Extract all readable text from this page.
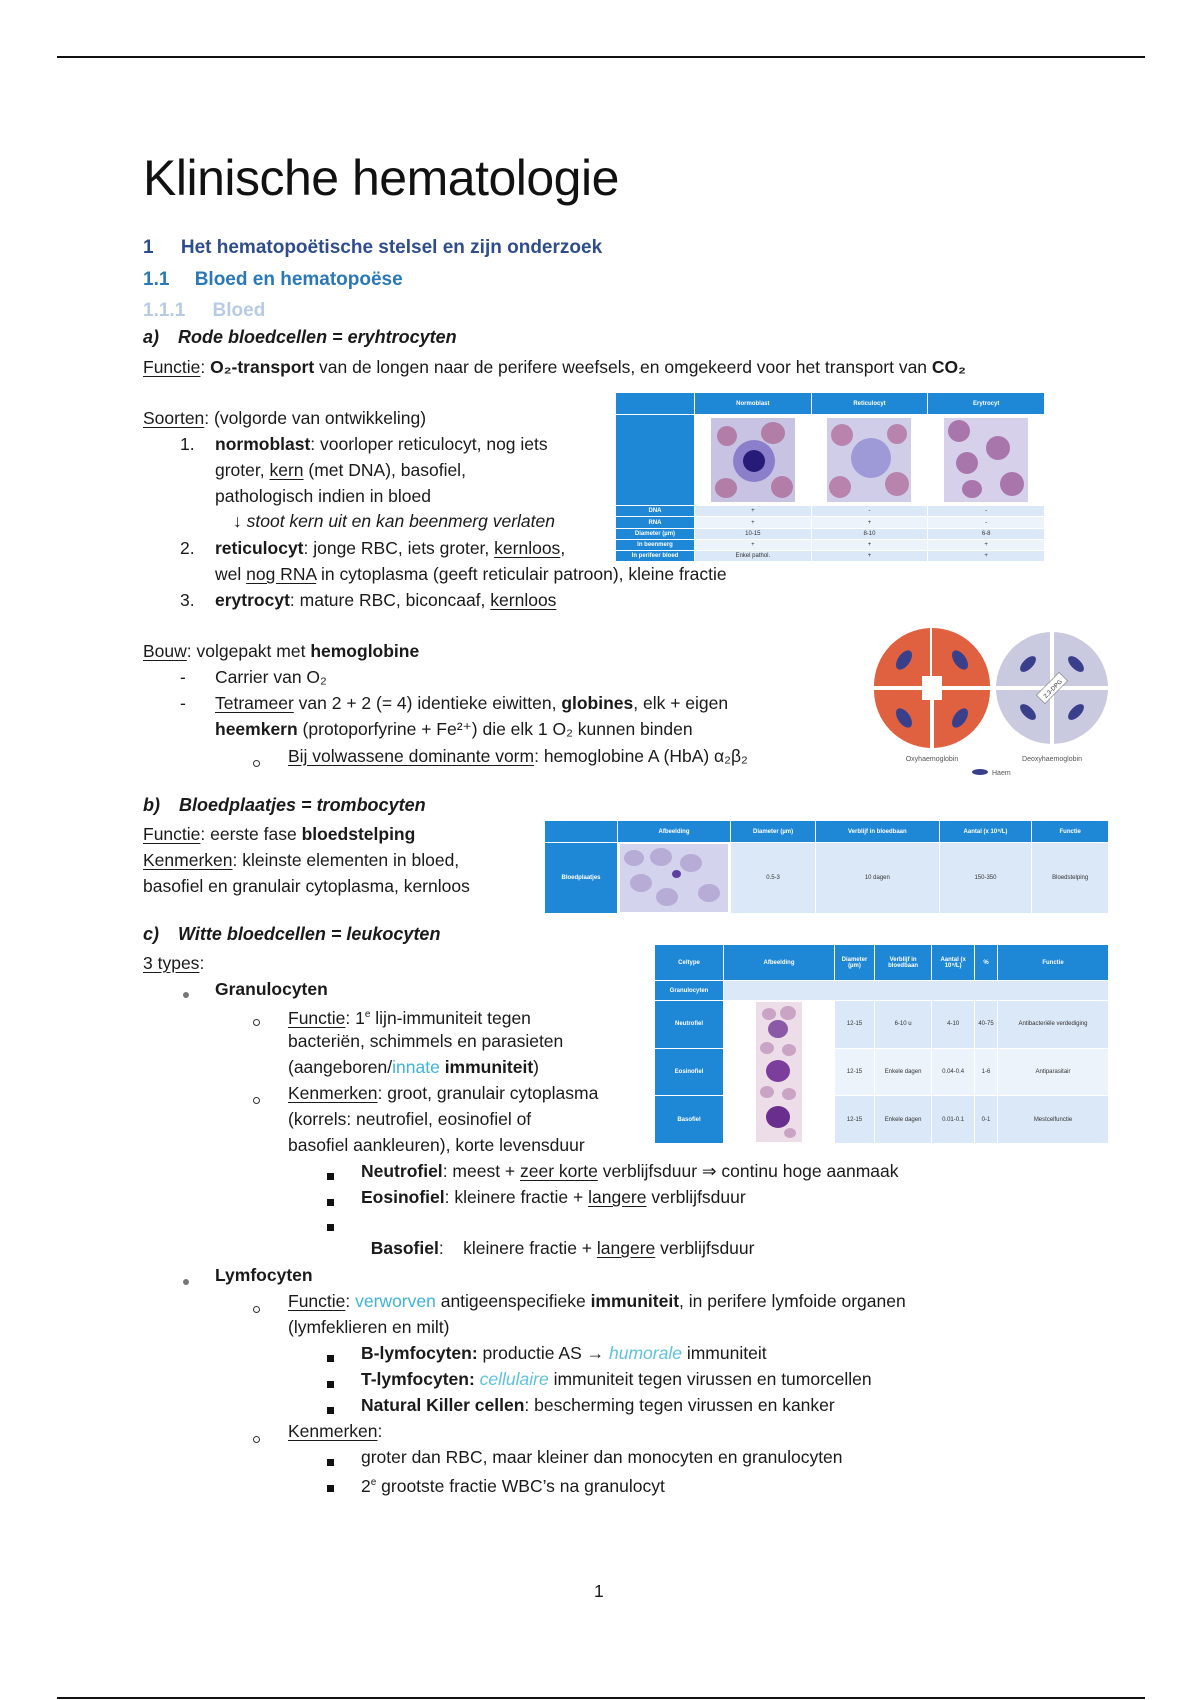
Klinische hematologie
1 Het hematopoëtische stelsel en zijn onderzoek
1.1 Bloed en hematopoëse
1.1.1 Bloed
a) Rode bloedcellen = eryhtrocyten
Functie: O₂-transport van de longen naar de perifere weefsels, en omgekeerd voor het transport van CO₂
Soorten: (volgorde van ontwikkeling)
1. normoblast: voorloper reticulocyt, nog iets
groter, kern (met DNA), basofiel,
pathologisch indien in bloed
↓ stoot kern uit en kan beenmerg verlaten
2. reticulocyt: jonge RBC, iets groter, kernloos,
wel nog RNA in cytoplasma (geeft reticulair patroon), kleine fractie
3. erytrocyt: mature RBC, biconcaaf, kernloos
	Normoblast	Reticulocyt	Erytrocyt

DNA	+	-	-
RNA	+	+	-
Diameter (µm)	10-15	8-10	6-8
In beenmerg	+	+	+
In perifeer bloed	Enkel pathol.	+	+
Bouw: volgepakt met hemoglobine
- Carrier van O₂
- Tetrameer van 2 + 2 (= 4) identieke eiwitten, globines, elk + eigen
heemkern (protoporfyrine + Fe²⁺) die elk 1 O₂ kunnen binden
Bij volwassene dominante vorm: hemoglobine A (HbA) α₂β₂
2,3-DPG
Oxyhaemoglobin	Deoxyhaemoglobin
Haem
b) Bloedplaatjes = trombocyten
Functie: eerste fase bloedstelping
Kenmerken: kleinste elementen in bloed,
basofiel en granulair cytoplasma, kernloos
	Afbeelding	Diameter (µm)	Verblijf in bloedbaan	Aantal (x 10⁹/L)	Functie
Bloedplaatjes		0.5-3	10 dagen	150-350	Bloedstelping
c) Witte bloedcellen = leukocyten
3 types:
Granulocyten
Functie: 1e lijn-immuniteit tegen
bacteriën, schimmels en parasieten
(aangeboren/innate immuniteit)
Kenmerken: groot, granulair cytoplasma
(korrels: neutrofiel, eosinofiel of
basofiel aankleuren), korte levensduur
Neutrofiel: meest + zeer korte verblijfsduur ⇒ continu hoge aanmaak
Eosinofiel: kleinere fractie + langere verblijfsduur

Basofiel:    kleinere fractie + langere verblijfsduur

Celtype	Afbeelding	Diameter (µm)	Verblijf in bloedbaan	Aantal (x 10⁹/L)	%	Functie
Granulocyten						
Neutrofiel		12-15	6-10 u	4-10	40-75	Antibacteriële verdediging
Eosinofiel		12-15	Enkele dagen	0.04-0.4	1-6	Antiparasitair
Basofiel		12-15	Enkele dagen	0.01-0.1	0-1	Mestcelfunctie
Lymfocyten
Functie: verworven antigeenspecifieke immuniteit, in perifere lymfoide organen
(lymfeklieren en milt)
B-lymfocyten: productie AS → humorale immuniteit
T-lymfocyten: cellulaire immuniteit tegen virussen en tumorcellen
Natural Killer cellen: bescherming tegen virussen en kanker
Kenmerken:
groter dan RBC, maar kleiner dan monocyten en granulocyten
2e grootste fractie WBC’s na granulocyt
1
